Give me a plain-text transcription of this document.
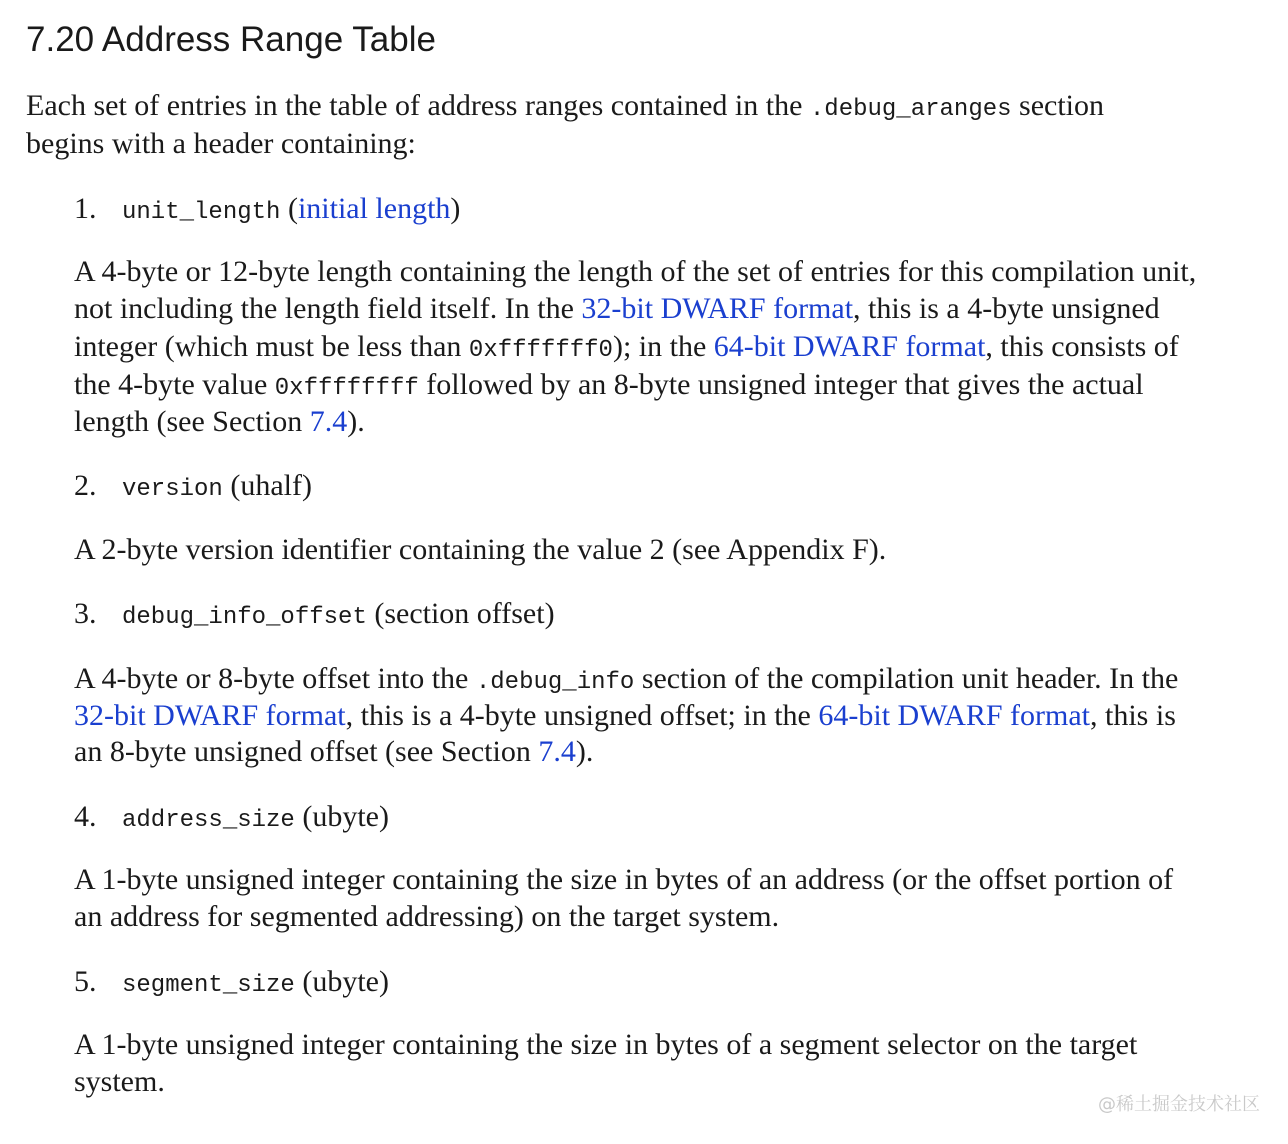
7.20 Address Range Table
Each set of entries in the table of address ranges contained in the .debug_aranges section
begins with a header containing:
1. unit_length (initial length)
A 4-byte or 12-byte length containing the length of the set of entries for this compilation unit,
not including the length field itself. In the 32-bit DWARF format, this is a 4-byte unsigned
integer (which must be less than 0xfffffff0); in the 64-bit DWARF format, this consists of
the 4-byte value 0xffffffff followed by an 8-byte unsigned integer that gives the actual
length (see Section 7.4).
2. version (uhalf)
A 2-byte version identifier containing the value 2 (see Appendix F).
3. debug_info_offset (section offset)
A 4-byte or 8-byte offset into the .debug_info section of the compilation unit header. In the
32-bit DWARF format, this is a 4-byte unsigned offset; in the 64-bit DWARF format, this is
an 8-byte unsigned offset (see Section 7.4).
4. address_size (ubyte)
A 1-byte unsigned integer containing the size in bytes of an address (or the offset portion of
an address for segmented addressing) on the target system.
5. segment_size (ubyte)
A 1-byte unsigned integer containing the size in bytes of a segment selector on the target
system.
@稀土掘金技术社区
